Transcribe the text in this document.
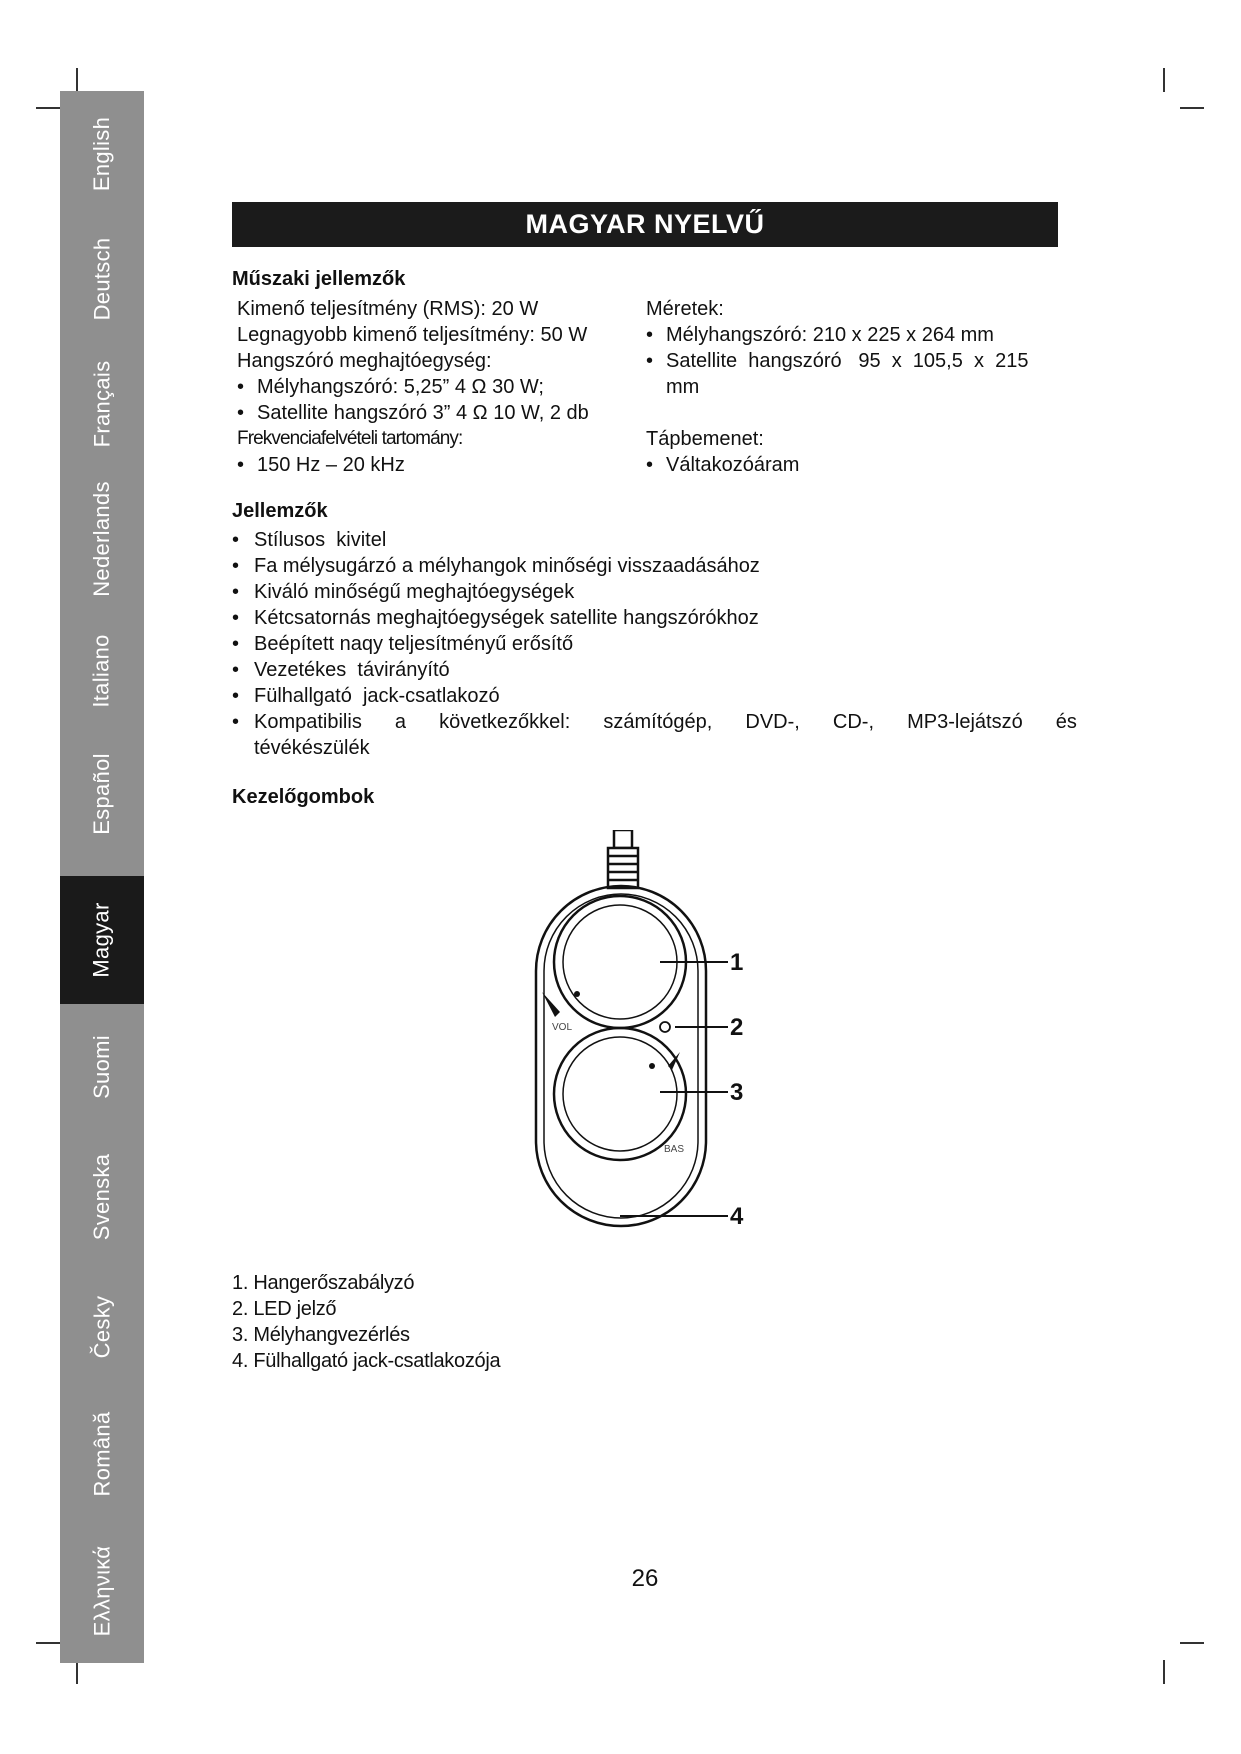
English
Deutsch
Français
Nederlands
Italiano
Español
Magyar
Suomi
Svenska
Česky
Română
Ελληνικά
MAGYAR NYELVŰ
Műszaki jellemzők
Kimenő teljesítmény (RMS): 20 W
Legnagyobb kimenő teljesítmény: 50 W
Hangszóró meghajtóegység:
• Mélyhangszóró: 5,25” 4 Ω 30 W;
• Satellite hangszóró 3” 4 Ω 10 W, 2 db
Frekvenciafelvételi tartomány:
• 150 Hz – 20 kHz
Méretek:
• Mélyhangszóró: 210 x 225 x 264 mm
• Satellite  hangszóró   95  x  105,5  x  215
mm

Tápbemenet:
• Váltakozóáram
Jellemzők
• Stílusos  kivitel
• Fa mélysugárzó a mélyhangok minőségi visszaadásához
• Kiváló minőségű meghajtóegységek
• Kétcsatornás meghajtóegységek satellite hangszórókhoz
• Beépített naqy teljesítményű erősítő
• Vezetékes  távirányító
• Fülhallgató  jack-csatlakozó
• Kompatibilis a következőkkel: számítógép, DVD-, CD-, MP3-lejátszó és
tévékészülék
Kezelőgombok
VOL
BAS
1
2
3
4
1. Hangerőszabályzó
2. LED jelző
3. Mélyhangvezérlés
4. Fülhallgató jack-csatlakozója
26
